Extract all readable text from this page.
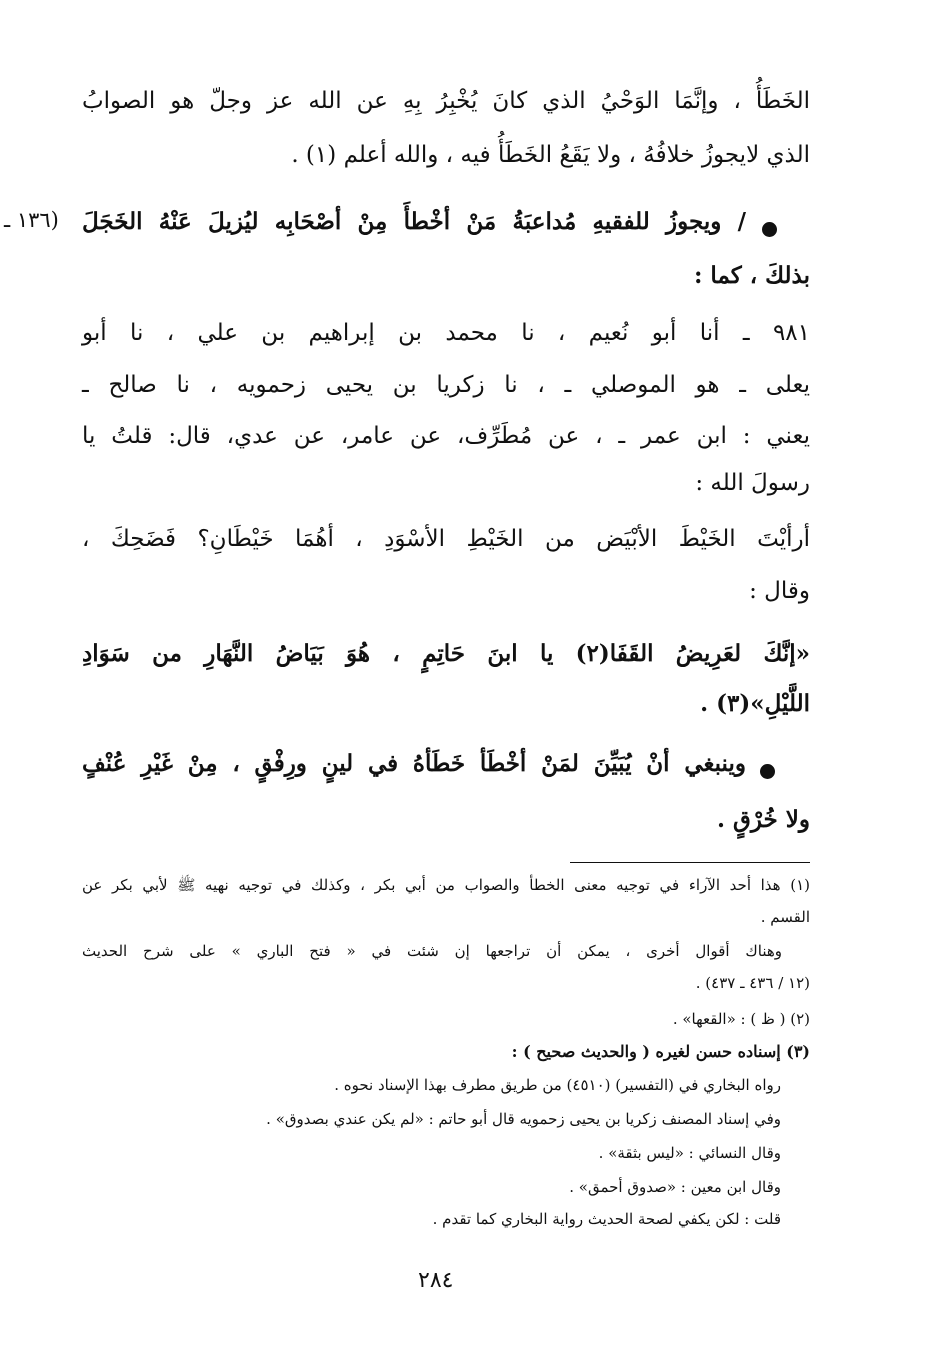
الخَطَأُ ، وإنَّمَا الوَحْيُ الذي كانَ يُخْبِرُ بِهِ عن الله عز وجلّ هو الصوابُ
الذي لايجوزُ خلافُهُ ، ولا يَقَعُ الخَطَأُ فيه ، والله أعلم (١) .
/ ويجوزُ للفقيهِ مُداعبَةُ مَنْ أخْطأَ مِنْ أصْحَابِه ليُزيلَ عَنْهُ الخَجَلَ
(١٣٦ ـ
بذلكَ ، كما :
٩٨١ ـ أنا أبو نُعيم ، نا محمد بن إبراهيم بن علي ، نا أبو
يعلى ـ هو الموصلي ـ ، نا زكريا بن يحيى زحمويه ، نا صالح ـ
يعني : ابن عمر ـ ، عن مُطَرِّف، عن عامر، عن عدي، قال: قلتُ يا
رسولَ الله :
أرأيْتَ الخَيْطَ الأبْيَض من الخَيْطِ الأسْوَدِ ، أهُمَا خَيْطَانِ؟ فَضَحِكَ ،
وقال :
«إنَّكَ لعَرِيضُ القَفَا(٢) يا ابنَ حَاتِمٍ ، هُوَ بَيَاضُ النَّهَارِ من سَوَادِ
اللَّيْلِ»(٣) .
وينبغي أنْ يُبَيِّنَ لمَنْ أخْطَأ خَطَأهُ في لينٍ ورِفْقٍ ، مِنْ غَيْرِ عُنْفٍ
ولا خُرْقٍ .
(١) هذا أحد الآراء في توجيه معنى الخطأ والصواب من أبي بكر ، وكذلك في توجيه نهيه ﷺ لأبي بكر عن
القسم .
وهناك أقوال أخرى ، يمكن أن تراجعها إن شئت في « فتح الباري » على شرح الحديث
(١٢ / ٤٣٦ ـ ٤٣٧) .
(٢) ( ظ ) : «القعها» .
(٣) إسناده حسن لغيره ( والحديث صحيح ) :
رواه البخاري في (التفسير) (٤٥١٠) من طريق مطرف بهذا الإسناد نحوه .
وفي إسناد المصنف زكريا بن يحيى زحمويه قال أبو حاتم : «لم يكن عندي بصدوق» .
وقال النسائي : «ليس بثقة» .
وقال ابن معين : «صدوق أحمق» .
قلت : لكن يكفي لصحة الحديث رواية البخاري كما تقدم .
٢٨٤
